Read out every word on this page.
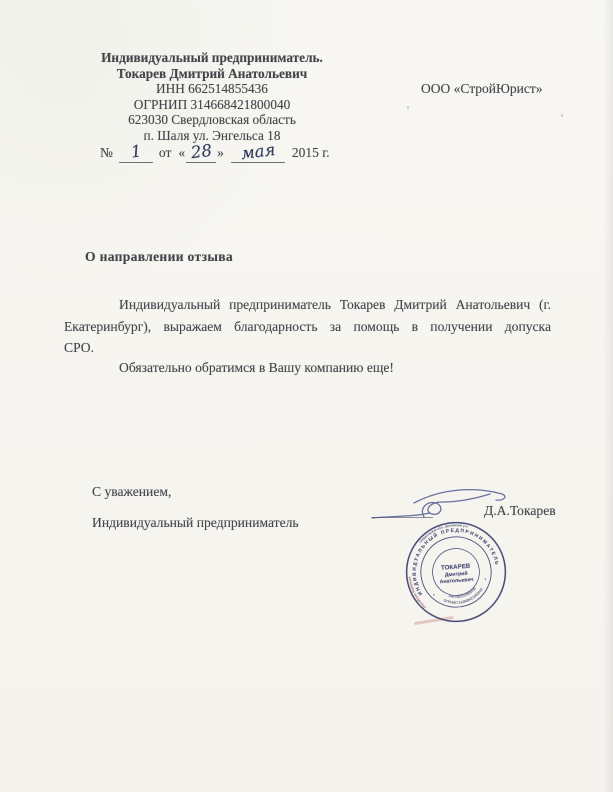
Индивидуальный предприниматель.
Токарев Дмитрий Анатольевич
ИНН 662514855436
ОГРНИП 314668421800040
623030 Свердловская область
п. Шаля ул. Энгельса 18
ООО «СтройЮрист»
№	1	от « 28 » мая	2015 г.
О направлении отзыва
Индивидуальный предприниматель Токарев Дмитрий Анатольевич (г.
Екатеринбург), выражаем благодарность за помощь в получении допуска
СРО.
Обязательно обратимся в Вашу компанию еще!
С уважением,
Индивидуальный предприниматель
Д.А.Токарев
ИНДИВИДУАЛЬНЫЙ ПРЕДПРИНИМАТЕЛЬ
Российская Федерация
Свердловская обл., Шалинский р-н
ОГРНИП 314668421800040
ИНН 662514855436
•
•
ТОКАРЕВ
Дмитрий
Анатольевич
